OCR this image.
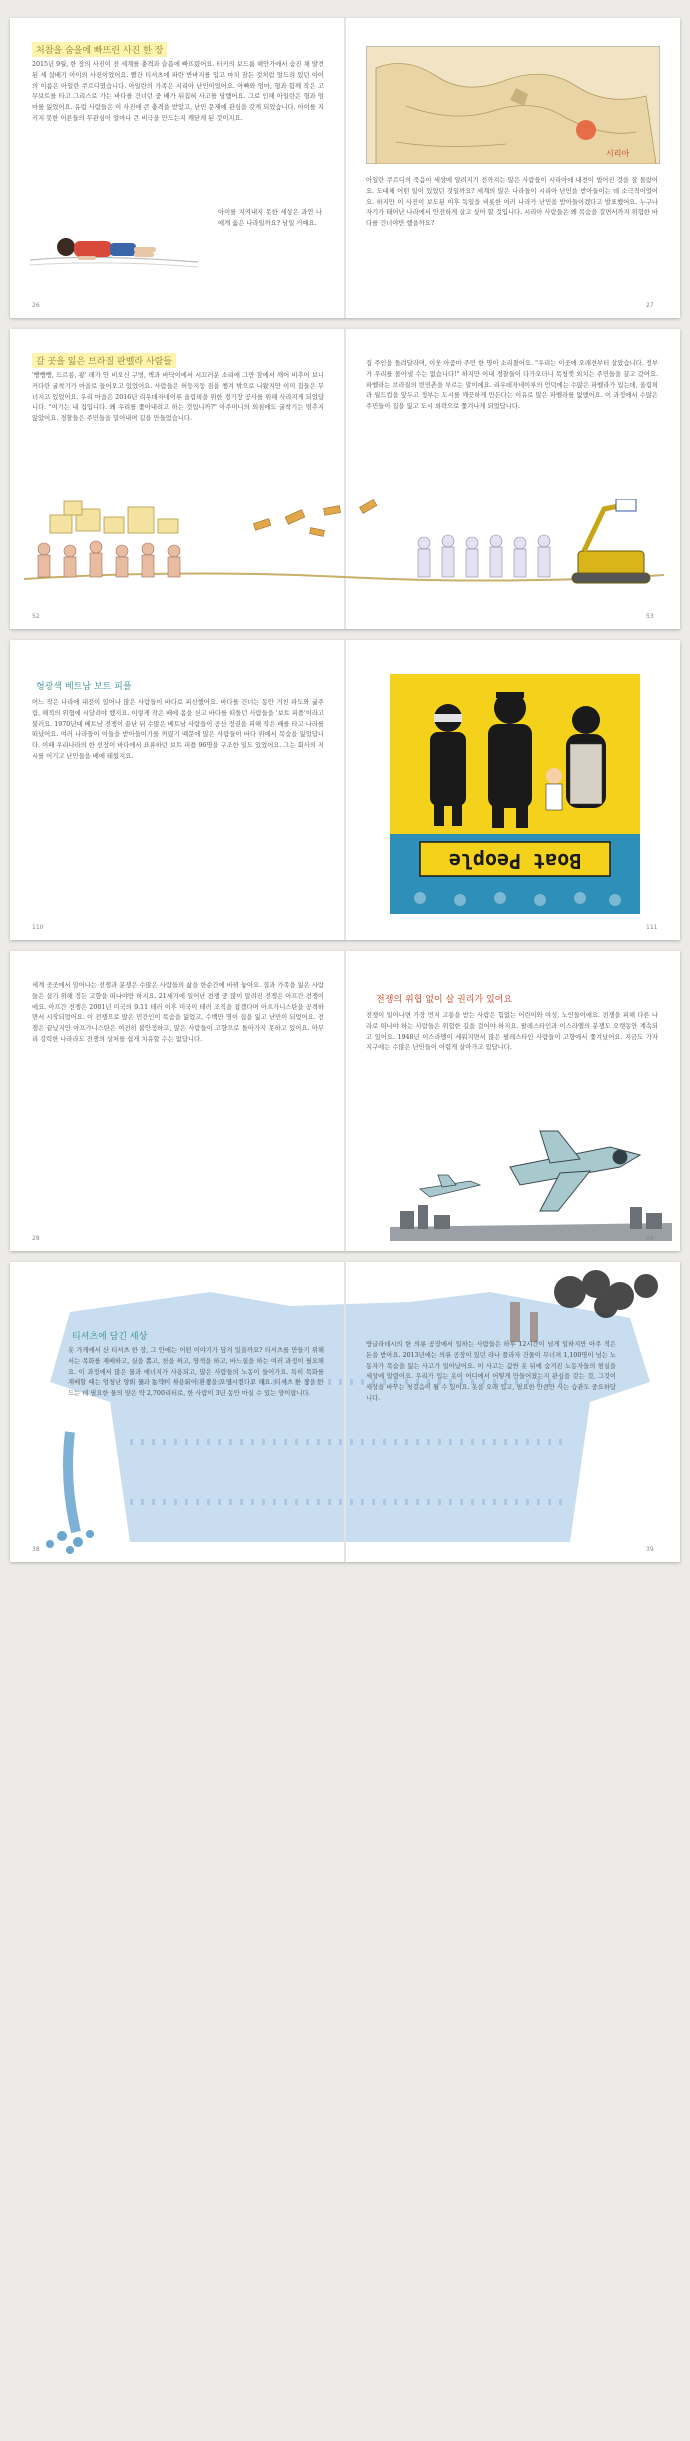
처참을 숨을에 빠뜨린 사진 한 장
2015년 9월, 한 장의 사진이 전 세계를 충격과 슬픔에 빠뜨렸어요. 터키의 보드룸 해안가에서 숨진 채 발견된 세 살배기 아이의 사진이었어요. 빨간 티셔츠에 파란 반바지를 입고 마치 잠든 것처럼 엎드려 있던 아이의 이름은 아일란 쿠르디였습니다. 아일란의 가족은 시리아 난민이었어요. 아빠와 엄마, 형과 함께 작은 고무보트를 타고 그리스로 가는 바다를 건너던 중 배가 뒤집혀 사고를 당했어요. 그로 인해 아일란은 형과 엄마를 잃었어요. 유럽 사람들은 이 사진에 큰 충격을 받았고, 난민 문제에 관심을 갖게 되었습니다. 아이를 지키지 못한 어른들의 무관심이 얼마나 큰 비극을 만드는지 깨닫게 된 것이지요.
아이를 지켜내지 못한 세상은 과연 나에게 옳은 나라일까요? 남일 거예요.
26
시리아
아일란 쿠르디의 죽음이 세상에 알려지기 전까지는 많은 사람들이 시리아에 내전이 벌어진 것을 잘 몰랐어요. 도대체 어떤 일이 있었던 것일까요? 세계의 많은 나라들이 시리아 난민을 받아들이는 데 소극적이었어요. 하지만 이 사진이 보도된 이후 독일을 비롯한 여러 나라가 난민을 받아들이겠다고 발표했어요. 누구나 자기가 태어난 나라에서 안전하게 살고 싶어 할 것입니다. 시리아 사람들은 왜 목숨을 걸면서까지 위험한 바다를 건너야만 했을까요?
27
갈 곳을 잃은 브라질 판벨라 사람들
'빵빵빵, 드르릉, 쾅' 레가 안 비오신 구멍, 벽과 바닥이에서 시끄러운 소리에 그만 잠에서 깨어 비추어 보니 커다란 굴착기가 마을로 들어오고 있었어요. 사람들은 허둥지둥 짐을 챙겨 밖으로 나왔지만 이미 집들은 무너지고 있었어요. 우리 마을은 2016년 리우데자네이루 올림픽을 위한 경기장 공사를 위해 사라지게 되었답니다. "여기는 내 집입니다. 왜 우리를 쫓아내려고 하는 것입니까?" 아주머니의 외침에도 굴착기는 멈추지 않았어요. 경찰들은 주민들을 밀어내며 길을 만들었습니다.
집 주인을 돌려달라며, 이웃 아줌마 주민 한 명이 소리쳤어요. "우리는 이곳에 오래전부터 살았습니다. 정부가 우리를 몰아낼 수는 없습니다!" 하지만 이내 경찰들이 다가오더니 목청껏 외치는 주민들을 끌고 갔어요. 파벨라는 브라질의 빈민촌을 부르는 말이에요. 리우데자네이루의 언덕에는 수많은 파벨라가 있는데, 올림픽과 월드컵을 앞두고 정부는 도시를 깨끗하게 만든다는 이유로 많은 파벨라를 없앴어요. 이 과정에서 수많은 주민들이 집을 잃고 도시 외곽으로 쫓겨나게 되었답니다.
52	53
형광색 베트남 보트 피플
어느 작은 나라에 내전이 일어나 많은 사람들이 바다로 피신했어요. 바다를 건너는 동안 거친 파도와 굶주림, 해적의 위협에 시달려야 했지요. 이렇게 작은 배에 몸을 싣고 바다를 떠돌던 사람들을 '보트 피플'이라고 불러요. 1970년대 베트남 전쟁이 끝난 뒤 수많은 베트남 사람들이 공산 정권을 피해 작은 배를 타고 나라를 떠났어요. 여러 나라들이 이들을 받아들이기를 꺼렸기 때문에 많은 사람들이 바다 위에서 목숨을 잃었답니다. 이때 우리나라의 한 선장이 바다에서 표류하던 보트 피플 96명을 구조한 일도 있었어요. 그는 회사의 지시를 어기고 난민들을 배에 태웠지요.
110
Boat People
111
세계 곳곳에서 일어나는 전쟁과 분쟁은 수많은 사람들의 삶을 한순간에 바꿔 놓아요. 집과 가족을 잃은 사람들은 살기 위해 정든 고향을 떠나야만 하지요. 21세기에 일어난 전쟁 중 많이 알려진 전쟁은 아프간 전쟁이에요. 아프간 전쟁은 2001년 미국의 9.11 테러 이후 미국이 테러 조직을 잡겠다며 아프가니스탄을 공격하면서 시작되었어요. 이 전쟁으로 많은 민간인이 목숨을 잃었고, 수백만 명이 집을 잃고 난민이 되었어요. 전쟁은 끝났지만 아프가니스탄은 여전히 불안정하고, 많은 사람들이 고향으로 돌아가지 못하고 있어요. 아무리 강력한 나라라도 전쟁의 상처를 쉽게 치유할 수는 없답니다.
28
전쟁의 위협 없이 살 권리가 있어요
전쟁이 일어나면 가장 먼저 고통을 받는 사람은 힘없는 어린이와 여성, 노인들이에요. 전쟁을 피해 다른 나라로 떠나야 하는 사람들은 위험한 길을 걸어야 하지요. 팔레스타인과 이스라엘의 분쟁도 오랫동안 계속되고 있어요. 1948년 이스라엘이 세워지면서 많은 팔레스타인 사람들이 고향에서 쫓겨났어요. 지금도 가자 지구에는 수많은 난민들이 어렵게 살아가고 있답니다.
29
티셔츠에 담긴 세상
옷 가게에서 산 티셔츠 한 장, 그 안에는 어떤 이야기가 담겨 있을까요? 티셔츠를 만들기 위해서는 목화를 재배하고, 실을 뽑고, 천을 짜고, 염색을 하고, 바느질을 하는 여러 과정이 필요해요. 이 과정에서 많은 물과 에너지가 사용되고, 많은 사람들의 노동이 들어가요. 특히 목화를 재배할 때는 엄청난 양의 물과 농약이 사용되어 환경을 오염시킨다고 해요. 티셔츠 한 장을 만드는 데 필요한 물의 양은 약 2,700리터로, 한 사람이 3년 동안 마실 수 있는 양이랍니다.
38
방글라데시의 한 의류 공장에서 일하는 사람들은 하루 12시간이 넘게 일하지만 아주 적은 돈을 받아요. 2013년에는 의류 공장이 있던 라나 플라자 건물이 무너져 1,100명이 넘는 노동자가 목숨을 잃는 사고가 일어났어요. 이 사고는 값싼 옷 뒤에 숨겨진 노동자들의 현실을 세상에 알렸어요. 우리가 입는 옷이 어디에서 어떻게 만들어졌는지 관심을 갖는 것, 그것이 세상을 바꾸는 첫걸음이 될 수 있어요. 옷을 오래 입고, 필요한 만큼만 사는 습관도 중요하답니다.
39
